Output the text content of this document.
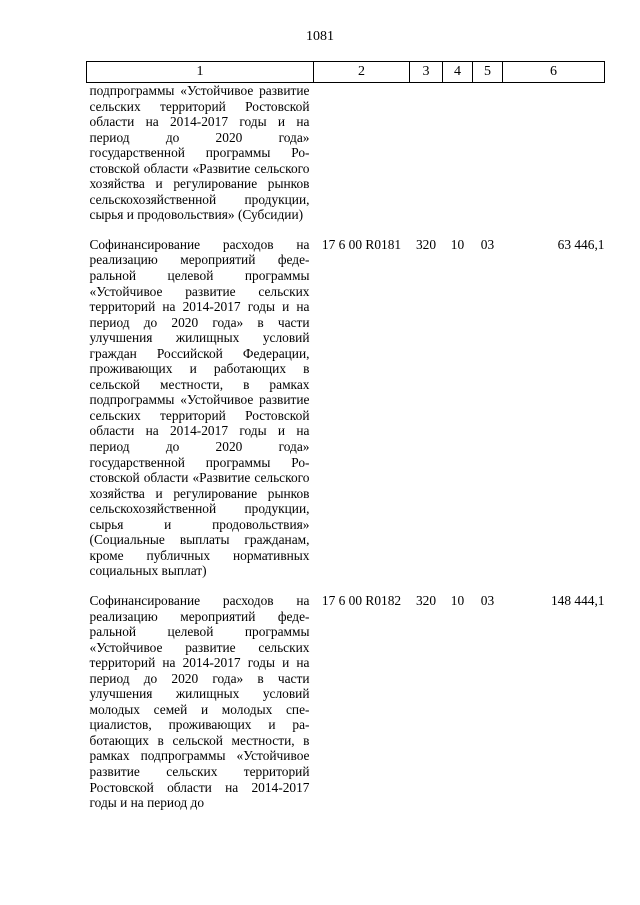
1081
1	2	3	4	5	6
подпрограммы «Устойчивое развитие сельских территорий Ростовской области на 2014-2017 годы и на период до 2020 года» государственной программы Ростовской области «Развитие сельского хозяйства и регулирование рынков сельскохозяйственной продукции, сырья и продовольствия» (Субсидии)					
Софинансирование расходов на реализацию мероприятий федеральной целевой программы «Устойчивое развитие сельских территорий на 2014-2017 годы и на период до 2020 года» в части улучшения жилищных условий граждан Российской Федерации, проживающих и работающих в сельской местности, в рамках подпрограммы «Устойчивое развитие сельских территорий Ростовской области на 2014-2017 годы и на период до 2020 года» государственной программы Ростовской области «Развитие сельского хозяйства и регулирование рынков сельскохозяйственной продукции, сырья и продовольствия» (Социальные выплаты гражданам, кроме публичных нормативных социальных выплат)	17 6 00 R0181	320	10	03	63 446,1
Софинансирование расходов на реализацию мероприятий федеральной целевой программы «Устойчивое развитие сельских территорий на 2014-2017 годы и на период до 2020 года» в части улучшения жилищных условий молодых семей и молодых специалистов, проживающих и работающих в сельской местности, в рамках подпрограммы «Устойчивое развитие сельских территорий Ростовской области на 2014-2017 годы и на период до	17 6 00 R0182	320	10	03	148 444,1
